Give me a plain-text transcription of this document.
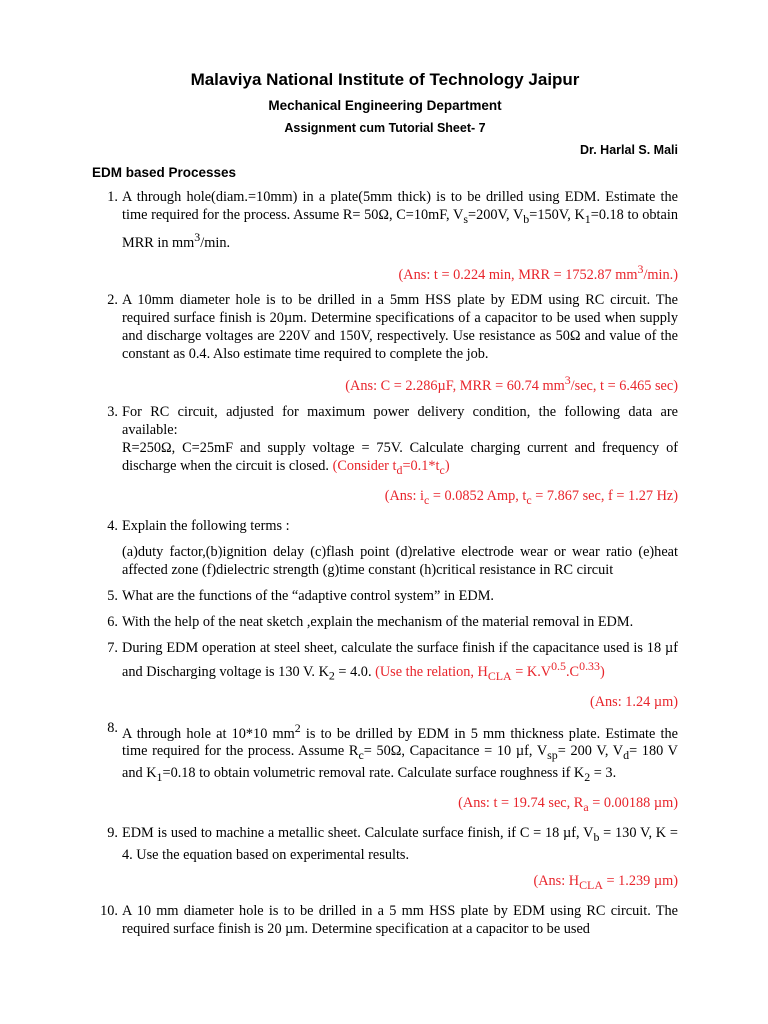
Malaviya National Institute of Technology Jaipur
Mechanical Engineering Department
Assignment cum Tutorial Sheet- 7
Dr. Harlal S. Mali
EDM based Processes
1 . A through hole(diam.=10mm) in a plate(5mm thick) is to be drilled using EDM. Estimate the time required for the process. Assume R= 50Ω, C=10mF, $V_s=200V$, $V_b=150V$, $K_1=0.18$ to obtain MRR in $mm^3/\min$.
(Ans: t = 0.224 min, MRR = 1752.87 $mm^3/\min$.)
2 . A 10mm diameter hole is to be drilled in a 5mm HSS plate by EDM using RC circuit. The required surface finish is 20µm. Determine specifications of a capacitor to be used when supply and discharge voltages are 220V and 150V, respectively. Use resistance as 50Ω and value of the constant as 0.4. Also estimate time required to complete the job.
(Ans: C = 2.286µF, MRR = 60.74 $mm^3/\sec$, t = 6.465 sec)
3 . For RC circuit, adjusted for maximum power delivery condition, the following data are available:

R=250Ω, C=25mF and supply voltage = 75V. Calculate charging current and frequency of discharge when the circuit is closed. (Consider $t_d=0.1*t_c$)

(Ans: $i_c = 0.0852$ Amp, $t_c = 7.867$ sec, f = 1.27 Hz)
4 . Explain the following terms :

(a)duty factor,(b)ignition delay (c)flash point (d)relative electrode wear or wear ratio (e)heat affected zone (f)dielectric strength (g)time constant (h)critical resistance in RC circuit
5 . What are the functions of the “adaptive control system” in EDM.
6 . With the help of the neat sketch ,explain the mechanism of the material removal in EDM.
7 . During EDM operation at steel sheet, calculate the surface finish if the capacitance used is 18 µf and Discharging voltage is 130 V. $K_2 = 4.0$. (Use the relation, $H_{CLA} = K.V^{0.5}.C^{0.33}$)
(Ans: 1.24 µm)
8 . A through hole at 10*10 $mm^2$ is to be drilled by EDM in 5 mm thickness plate. Estimate the time required for the process. Assume $R_c= 50\Omega$, Capacitance = 10 µf, $V_{sp}= 200$ V, $V_d= 180$ V and $K_1=0.18$ to obtain volumetric removal rate. Calculate surface roughness if $K_2 = 3$.
(Ans: t = 19.74 sec, $R_a = 0.00188$ µm)
9 . EDM is used to machine a metallic sheet. Calculate surface finish, if C = 18 µf, $V_b = 130$ V, K = 4. Use the equation based on experimental results.
(Ans: $H_{CLA} = 1.239$ µm)
10 . A 10 mm diameter hole is to be drilled in a 5 mm HSS plate by EDM using RC circuit. The required surface finish is 20 µm. Determine specification at a capacitor to be used
